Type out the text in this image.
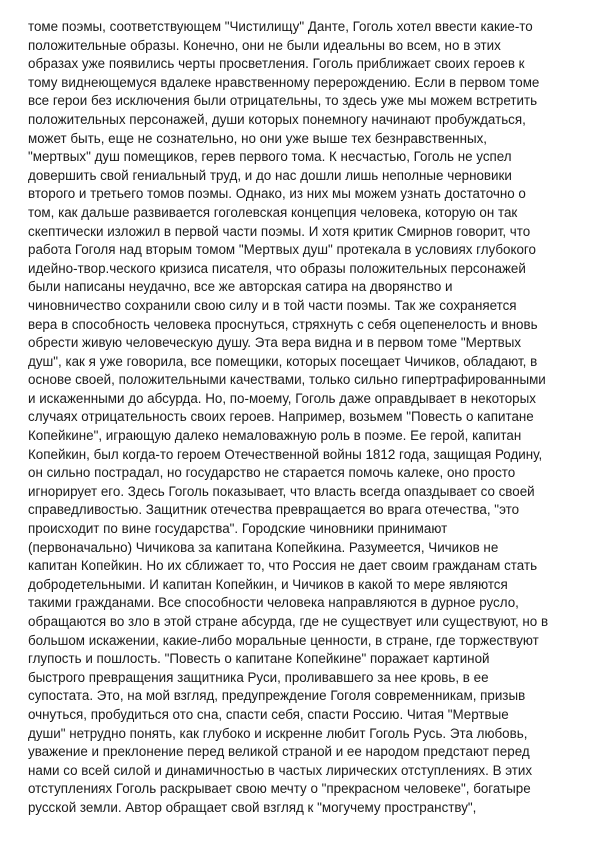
томе поэмы, соответствующем "Чистилищу" Данте, Гоголь хотел ввести какие-то
положительные образы. Конечно, они не были идеальны во всем, но в этих
образах уже появились черты просветления. Гоголь приближает своих героев к
тому виднеющемуся вдалеке нравственному перерождению. Если в первом томе
все герои без исключения были отрицательны, то здесь уже мы можем встретить
положительных персонажей, души которых понемногу начинают пробуждаться,
может быть, еще не сознательно, но они уже выше тех безнравственных,
"мертвых" душ помещиков, герев первого тома. К несчастью, Гоголь не успел
довершить свой гениальный труд, и до нас дошли лишь неполные черновики
второго и третьего томов поэмы. Однако, из них мы можем узнать достаточно о
том, как дальше развивается гоголевская концепция человека, которую он так
скептически изложил в первой части поэмы. И хотя критик Смирнов говорит, что
работа Гоголя над вторым томом "Мертвых душ" протекала в условиях глубокого
идейно-твор.ческого кризиса писателя, что образы положительных персонажей
были написаны неудачно, все же авторская сатира на дворянство и
чиновничество сохранили свою силу и в той части поэмы. Так же сохраняется
вера в способность человека проснуться, стряхнуть с себя оцепенелость и вновь
обрести живую человеческую душу. Эта вера видна и в первом томе "Мертвых
душ", как я уже говорила, все помещики, которых посещает Чичиков, обладают, в
основе своей, положительными качествами, только сильно гипертрафированными
и искаженными до абсурда. Но, по-моему, Гоголь даже оправдывает в некоторых
случаях отрицательность своих героев. Например, возьмем "Повесть о капитане
Копейкине", играющую далеко немаловажную роль в поэме. Ее герой, капитан
Копейкин, был когда-то героем Отечественной войны 1812 года, защищая Родину,
он сильно пострадал, но государство не старается помочь калеке, оно просто
игнорирует его. Здесь Гоголь показывает, что власть всегда опаздывает со своей
справедливостью. Защитник отечества превращается во врага отечества, "это
происходит по вине государства". Городские чиновники принимают
(первоначально) Чичикова за капитана Копейкина. Разумеется, Чичиков не
капитан Копейкин. Но их сближает то, что Россия не дает своим гражданам стать
добродетельными. И капитан Копейкин, и Чичиков в какой то мере являются
такими гражданами. Все способности человека направляются в дурное русло,
обращаются во зло в этой стране абсурда, где не существует или существуют, но в
большом искажении, какие-либо моральные ценности, в стране, где торжествуют
глупость и пошлость. "Повесть о капитане Копейкине" поражает картиной
быстрого превращения защитника Руси, проливавшего за нее кровь, в ее
супостата. Это, на мой взгляд, предупреждение Гоголя современникам, призыв
очнуться, пробудиться ото сна, спасти себя, спасти Россию. Читая "Мертвые
души" нетрудно понять, как глубоко и искренне любит Гоголь Русь. Эта любовь,
уважение и преклонение перед великой страной и ее народом предстают перед
нами со всей силой и динамичностью в частых лирических отступлениях. В этих
отступлениях Гоголь раскрывает свою мечту о "прекрасном человеке", богатыре
русской земли. Автор обращает свой взгляд к "могучему пространству",
